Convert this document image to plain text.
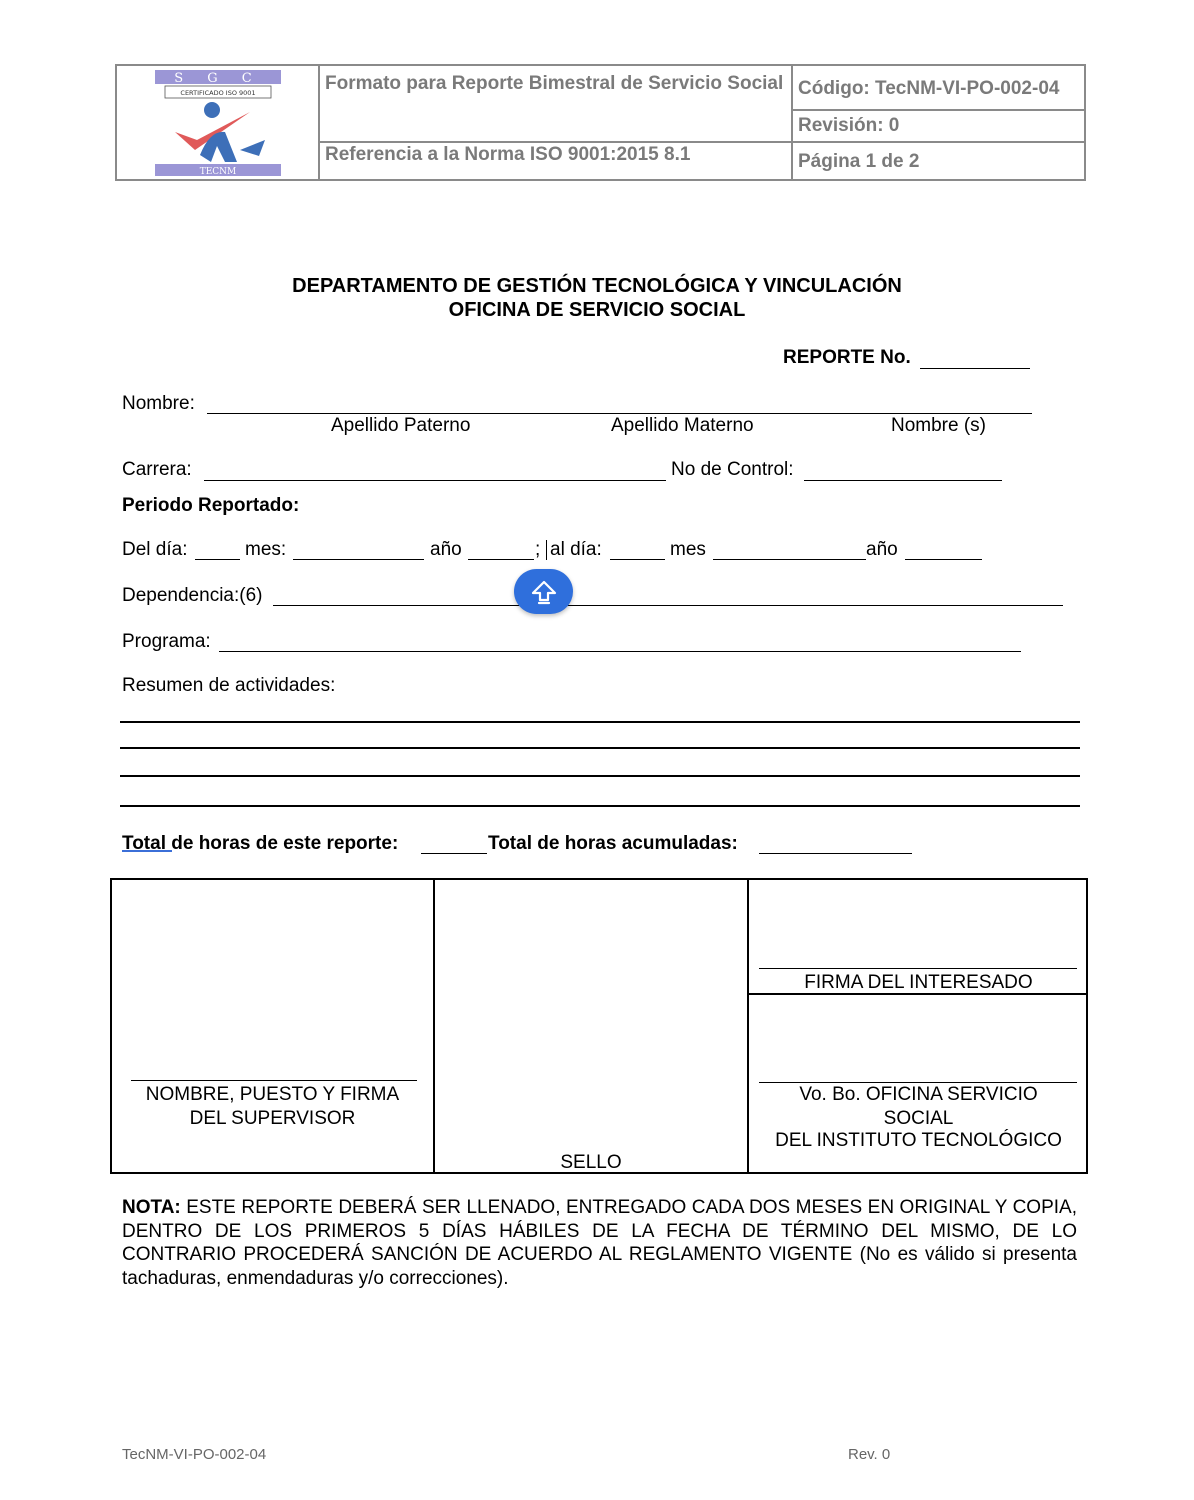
S G C
CERTIFICADO ISO 9001
TECNM
Formato para Reporte Bimestral de Servicio Social
Referencia a la Norma ISO 9001:2015 8.1
Código: TecNM-VI-PO-002-04
Revisión: 0
Página 1 de 2
DEPARTAMENTO DE GESTIÓN TECNOLÓGICA Y VINCULACIÓN
OFICINA DE SERVICIO SOCIAL
REPORTE No.
Nombre:
Apellido Paterno	Apellido Materno	Nombre (s)
Carrera:	No de Control:
Periodo Reportado:
Del día:	mes:	año	; al día:	mes	año
Dependencia:(6)
Programa:
Resumen de actividades:
Total de horas de este reporte:	Total de horas acumuladas:
NOMBRE, PUESTO Y FIRMA
DEL SUPERVISOR
SELLO
FIRMA DEL INTERESADO
Vo. Bo. OFICINA SERVICIO
SOCIAL
DEL INSTITUTO TECNOLÓGICO
NOTA: ESTE REPORTE DEBERÁ SER LLENADO, ENTREGADO CADA DOS MESES EN ORIGINAL Y COPIA, DENTRO DE LOS PRIMEROS 5 DÍAS HÁBILES DE LA FECHA DE TÉRMINO DEL MISMO, DE LO CONTRARIO PROCEDERÁ SANCIÓN DE ACUERDO AL REGLAMENTO VIGENTE (No es válido si presenta tachaduras, enmendaduras y/o correcciones).
TecNM-VI-PO-002-04	Rev. 0
